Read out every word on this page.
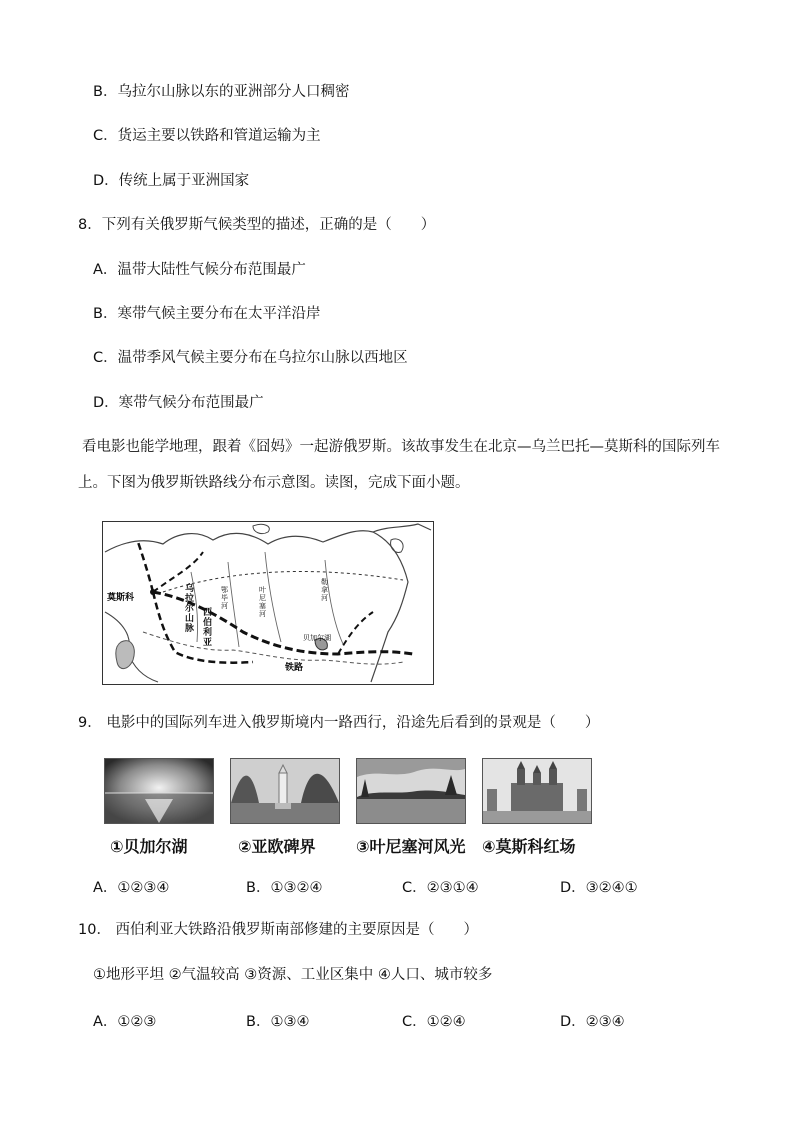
B．乌拉尔山脉以东的亚洲部分人口稠密
C．货运主要以铁路和管道运输为主
D．传统上属于亚洲国家
8．下列有关俄罗斯气候类型的描述，正确的是（　　）
A．温带大陆性气候分布范围最广
B．寒带气候主要分布在太平洋沿岸
C．温带季风气候主要分布在乌拉尔山脉以西地区
D．寒带气候分布范围最广
看电影也能学地理，跟着《囧妈》一起游俄罗斯。该故事发生在北京—乌兰巴托—莫斯科的国际列车上。下图为俄罗斯铁路线分布示意图。读图，完成下面小题。
莫斯科
贝加尔湖
铁路
乌拉尔山脉
西伯利亚
叶尼塞河
鄂毕河
勒拿河
9． 电影中的国际列车进入俄罗斯境内一路西行，沿途先后看到的景观是（　　）
①贝加尔湖	②亚欧碑界	③叶尼塞河风光 ④莫斯科红场
A．①②③④	B．①③②④	C．②③①④	D．③②④①
10． 西伯利亚大铁路沿俄罗斯南部修建的主要原因是（　　）
①地形平坦 ②气温较高 ③资源、工业区集中 ④人口、城市较多
A．①②③	B．①③④	C．①②④	D．②③④
